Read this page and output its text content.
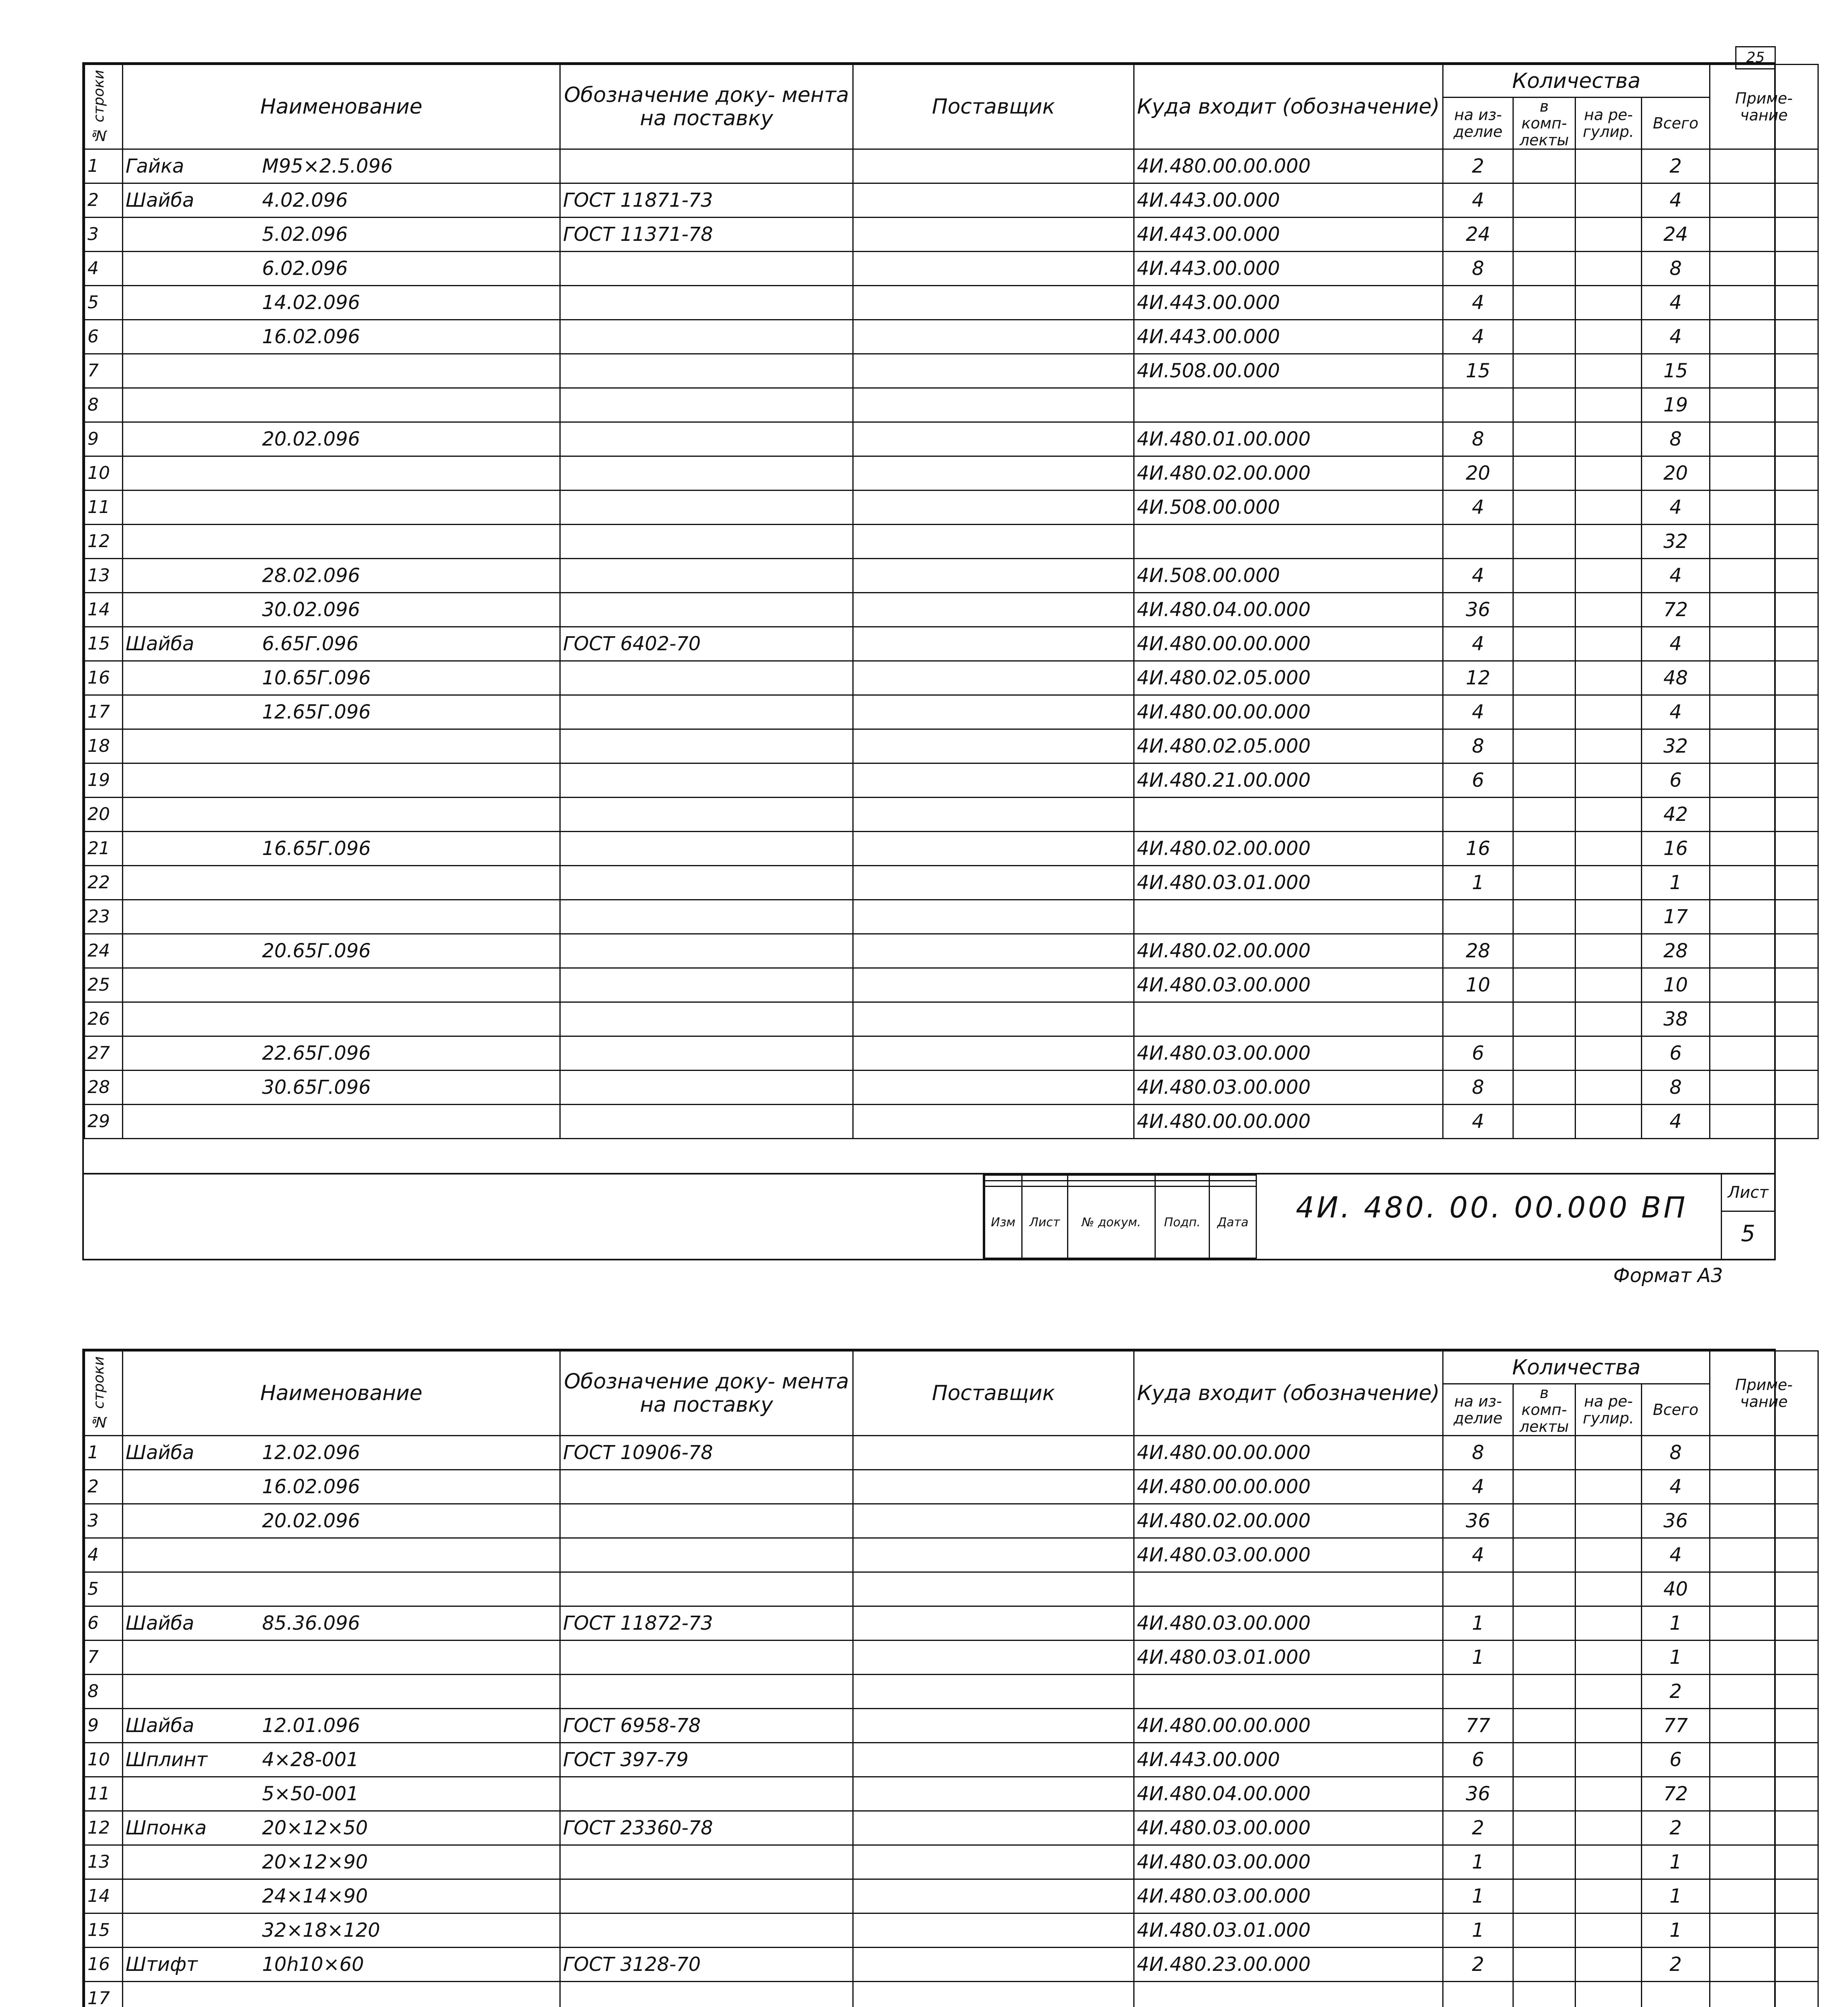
25
№ строки	Наименование	Обозначение доку- мента на поставку	Поставщик	Куда входит (обозначение)	Количества				Приме- чание
					на из- делие	в комп- лекты	на ре- гулир.	Всего	
1	Гайка М95×2.5.096			4И.480.00.00.000	2			2	
2	Шайба 4.02.096	ГОСТ 11871-73		4И.443.00.000	4			4	
3	5.02.096	ГОСТ 11371-78		4И.443.00.000	24			24	
4	6.02.096			4И.443.00.000	8			8	
5	14.02.096			4И.443.00.000	4			4	
6	16.02.096			4И.443.00.000	4			4	
7				4И.508.00.000	15			15	
8								19	
9	20.02.096			4И.480.01.00.000	8			8	
10				4И.480.02.00.000	20			20	
11				4И.508.00.000	4			4	
12								32	
13	28.02.096			4И.508.00.000	4			4	
14	30.02.096			4И.480.04.00.000	36			72	
15	Шайба 6.65Г.096	ГОСТ 6402-70		4И.480.00.00.000	4			4	
16	10.65Г.096			4И.480.02.05.000	12			48	
17	12.65Г.096			4И.480.00.00.000	4			4	
18				4И.480.02.05.000	8			32	
19				4И.480.21.00.000	6			6	
20								42	
21	16.65Г.096			4И.480.02.00.000	16			16	
22				4И.480.03.01.000	1			1	
23								17	
24	20.65Г.096			4И.480.02.00.000	28			28	
25				4И.480.03.00.000	10			10	
26								38	
27	22.65Г.096			4И.480.03.00.000	6			6	
28	30.65Г.096			4И.480.03.00.000	8			8	
29				4И.480.00.00.000	4			4	

Изм	Лист	№ докум.	Подп.	Дата 4И. 480. 00. 00.000 ВП	Лист
5
Формат А3
№ строки	Наименование	Обозначение доку- мента на поставку	Поставщик	Куда входит (обозначение)	Количества				Приме- чание
					на из- делие	в комп- лекты	на ре- гулир.	Всего	
1	Шайба 12.02.096	ГОСТ 10906-78		4И.480.00.00.000	8			8	
2	16.02.096			4И.480.00.00.000	4			4	
3	20.02.096			4И.480.02.00.000	36			36	
4				4И.480.03.00.000	4			4	
5								40	
6	Шайба 85.36.096	ГОСТ 11872-73		4И.480.03.00.000	1			1	
7				4И.480.03.01.000	1			1	
8								2	
9	Шайба 12.01.096	ГОСТ 6958-78		4И.480.00.00.000	77			77	
10	Шплинт 4×28-001	ГОСТ 397-79		4И.443.00.000	6			6	
11	5×50-001			4И.480.04.00.000	36			72	
12	Шпонка 20×12×50	ГОСТ 23360-78		4И.480.03.00.000	2			2	
13	20×12×90			4И.480.03.00.000	1			1	
14	24×14×90			4И.480.03.00.000	1			1	
15	32×18×120			4И.480.03.01.000	1			1	
16	Штифт 10h10×60	ГОСТ 3128-70		4И.480.23.00.000	2			2	
17									
